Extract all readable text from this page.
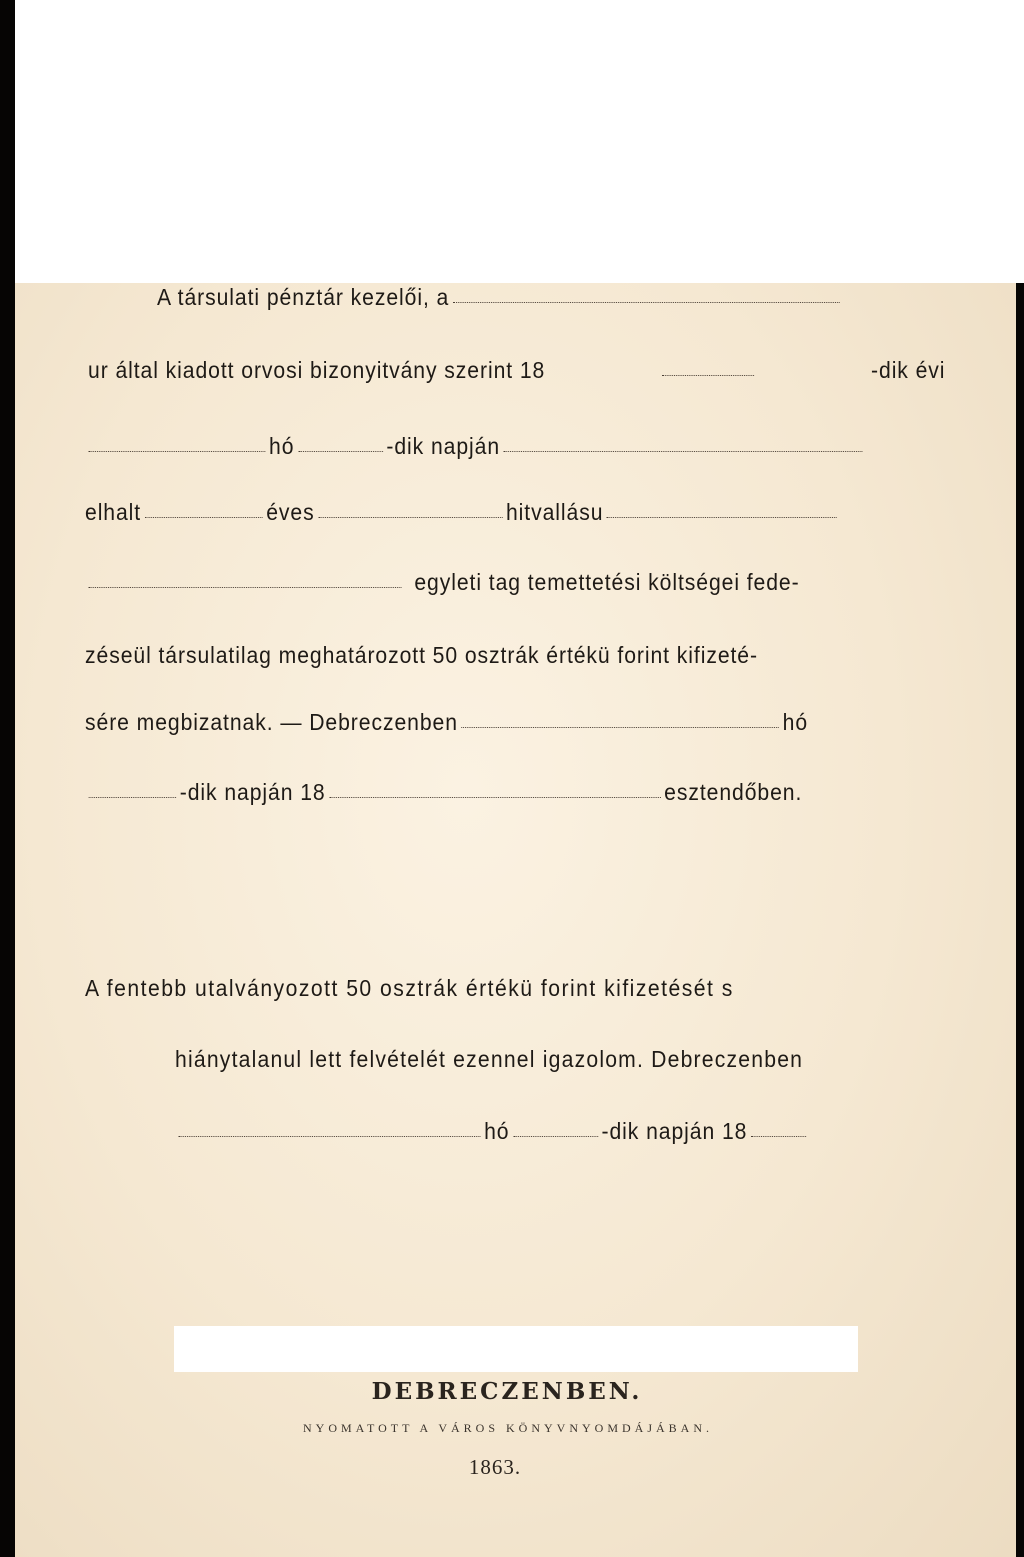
A társulati pénztár kezelői, a
ur által kiadott orvosi bizonyitvány szerint 18	-dik évi
hó	-dik napján
elhalt	éves	hitvallásu
egyleti tag temettetési költségei fede-
zéseül társulatilag meghatározott 50 osztrák értékü forint kifizeté-
sére megbizatnak. — Debreczenben	hó
-dik napján 18	esztendőben.
A fentebb utalványozott 50 osztrák értékü forint kifizetését s
hiánytalanul lett felvételét ezennel igazolom. Debreczenben
hó	-dik napján 18
DEBRECZENBEN.
NYOMATOTT A VÁROS KÖNYVNYOMDÁJÁBAN.
1863.
